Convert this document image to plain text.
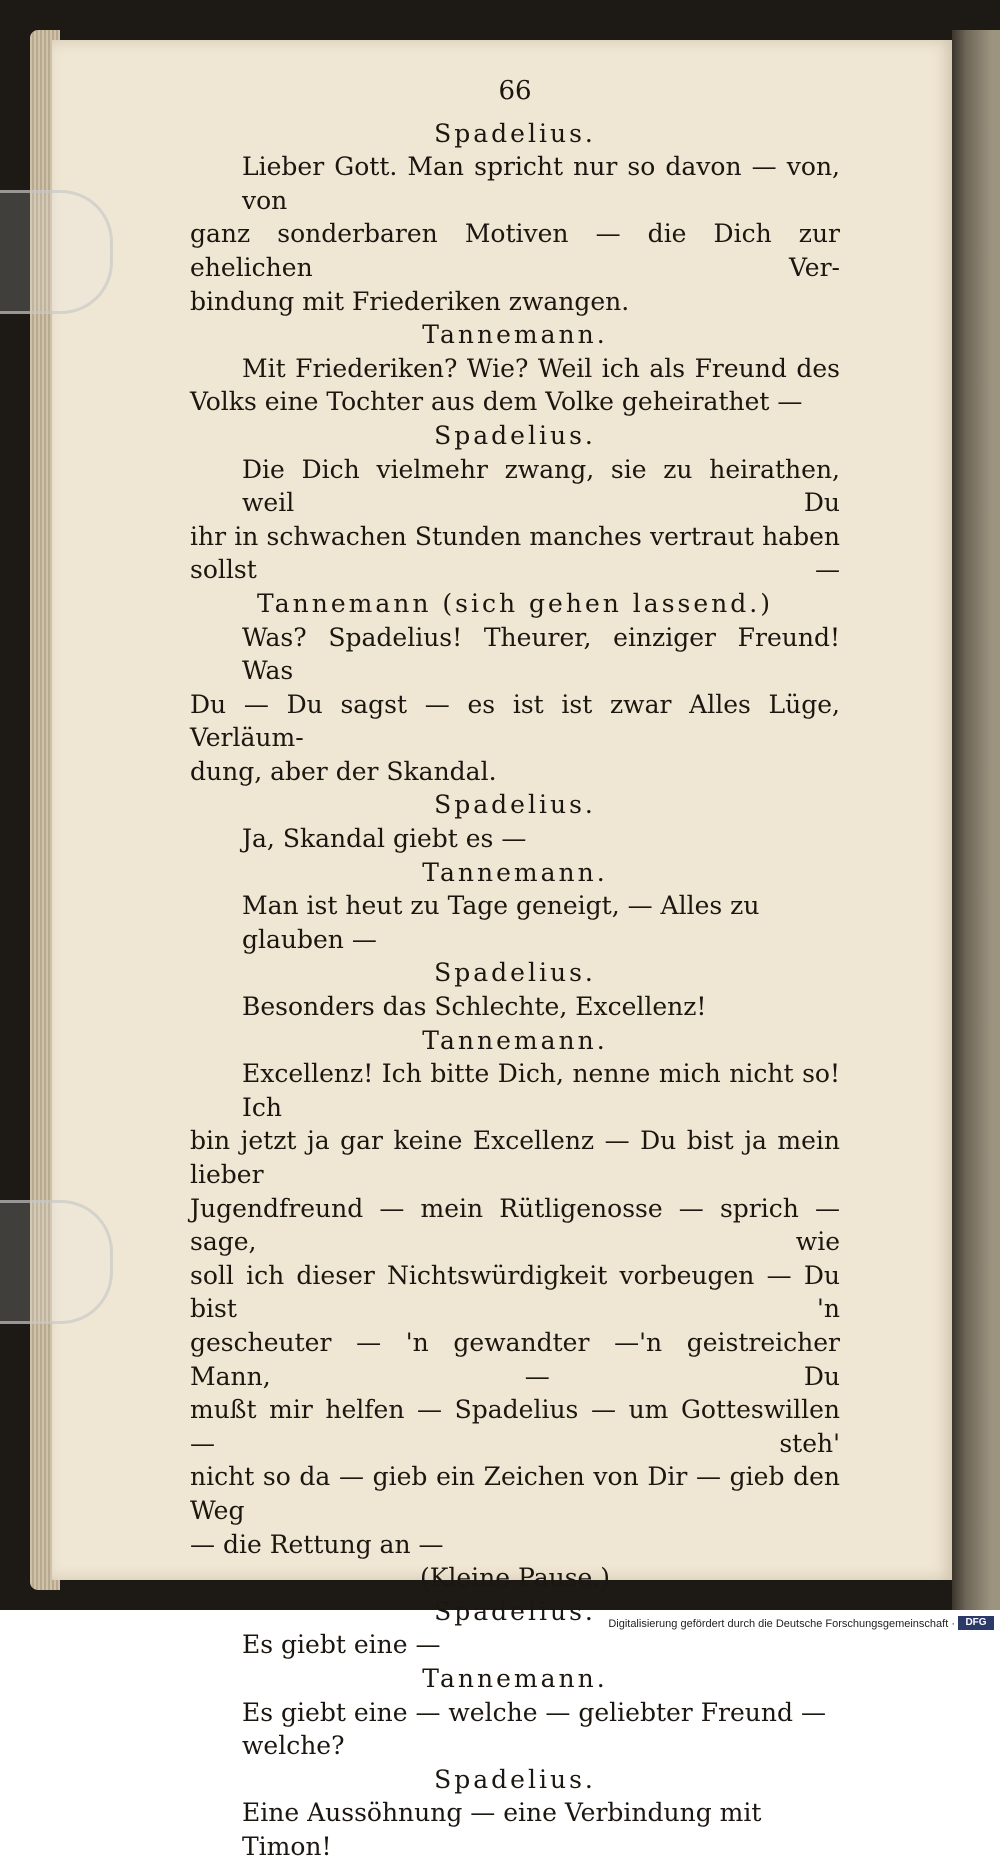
66
Spadelius.
Lieber Gott. Man spricht nur so davon — von, von
ganz sonderbaren Motiven — die Dich zur ehelichen Ver-
bindung mit Friederiken zwangen.
Tannemann.
Mit Friederiken? Wie? Weil ich als Freund des
Volks eine Tochter aus dem Volke geheirathet —
Spadelius.
Die Dich vielmehr zwang, sie zu heirathen, weil Du
ihr in schwachen Stunden manches vertraut haben sollst —
Tannemann (sich gehen lassend.)
Was? Spadelius! Theurer, einziger Freund! Was
Du — Du sagst — es ist ist zwar Alles Lüge, Verläum-
dung, aber der Skandal.
Spadelius.
Ja, Skandal giebt es —
Tannemann.
Man ist heut zu Tage geneigt, — Alles zu glauben —
Spadelius.
Besonders das Schlechte, Excellenz!
Tannemann.
Excellenz! Ich bitte Dich, nenne mich nicht so! Ich
bin jetzt ja gar keine Excellenz — Du bist ja mein lieber
Jugendfreund — mein Rütligenosse — sprich — sage, wie
soll ich dieser Nichtswürdigkeit vorbeugen — Du bist 'n
gescheuter — 'n gewandter —'n geistreicher Mann, — Du
mußt mir helfen — Spadelius — um Gotteswillen — steh'
nicht so da — gieb ein Zeichen von Dir — gieb den Weg
— die Rettung an —
(Kleine Pause.)
Spadelius.
Es giebt eine —
Tannemann.
Es giebt eine — welche — geliebter Freund — welche?
Spadelius.
Eine Aussöhnung — eine Verbindung mit Timon!
Digitalisierung gefördert durch die Deutsche Forschungsgemeinschaft ·	DFG
